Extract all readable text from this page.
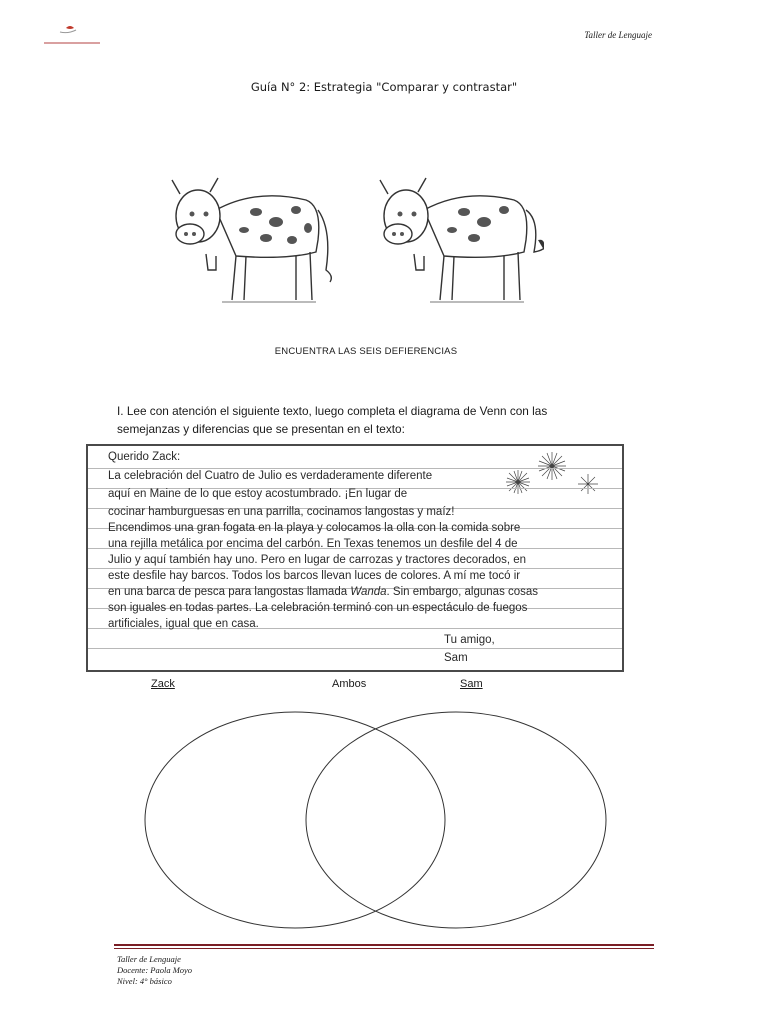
Taller de Lenguaje
Guía N° 2: Estrategia "Comparar y contrastar"
ENCUENTRA LAS SEIS DEFIERENCIAS
I. Lee con atención el siguiente texto, luego completa el diagrama de Venn con las
semejanzas y diferencias que se presentan en el texto:
Querido Zack:
La celebración del Cuatro de Julio es verdaderamente diferente
aquí en Maine de lo que estoy acostumbrado. ¡En lugar de
cocinar hamburguesas en una parrilla, cocinamos langostas y maíz!
Encendimos una gran fogata en la playa y colocamos la olla con la comida sobre
una rejilla metálica por encima del carbón. En Texas tenemos un desfile del 4 de
Julio y aquí también hay uno. Pero en lugar de carrozas y tractores decorados, en
este desfile hay barcos. Todos los barcos llevan luces de colores. A mí me tocó ir
en una barca de pesca para langostas llamada Wanda. Sin embargo, algunas cosas
son iguales en todas partes. La celebración terminó con un espectáculo de fuegos
artificiales, igual que en casa.
Tu amigo,
Sam
Zack	Ambos	Sam
Taller de Lenguaje
Docente: Paola Moyo
Nivel: 4° básico
